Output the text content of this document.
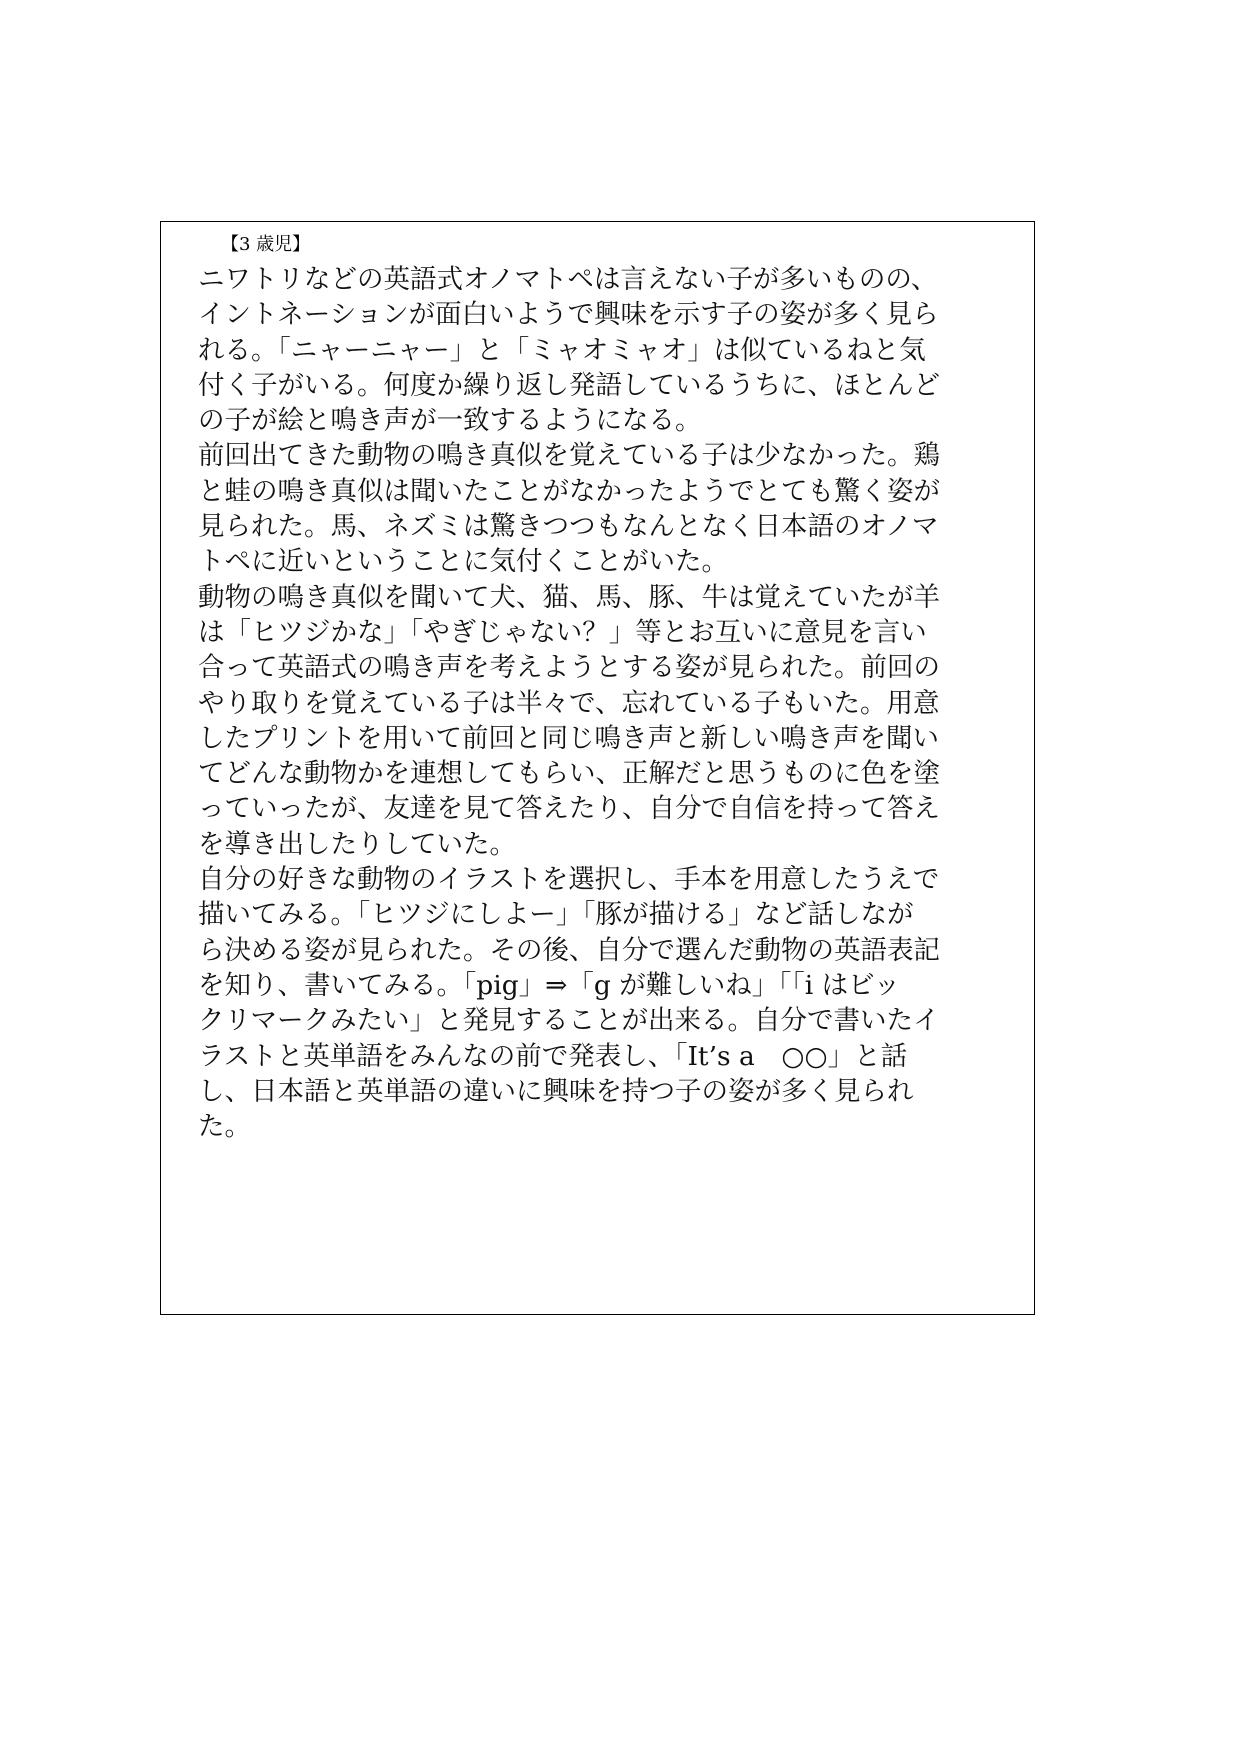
【3 歳児】
ニワトリなどの英語式オノマトペは言えない子が多いものの、
イントネーションが面白いようで興味を示す子の姿が多く見ら
れる。「ニャーニャー」と「ミャオミャオ」は似ているねと気
付く子がいる。何度か繰り返し発語しているうちに、ほとんど
の子が絵と鳴き声が一致するようになる。
前回出てきた動物の鳴き真似を覚えている子は少なかった。鶏
と蛙の鳴き真似は聞いたことがなかったようでとても驚く姿が
見られた。馬、ネズミは驚きつつもなんとなく日本語のオノマ
トペに近いということに気付くことがいた。
動物の鳴き真似を聞いて犬、猫、馬、豚、牛は覚えていたが羊
は「ヒツジかな」「やぎじゃない？」等とお互いに意見を言い
合って英語式の鳴き声を考えようとする姿が見られた。前回の
やり取りを覚えている子は半々で、忘れている子もいた。用意
したプリントを用いて前回と同じ鳴き声と新しい鳴き声を聞い
てどんな動物かを連想してもらい、正解だと思うものに色を塗
っていったが、友達を見て答えたり、自分で自信を持って答え
を導き出したりしていた。
自分の好きな動物のイラストを選択し、手本を用意したうえで
描いてみる。「ヒツジにしよー」「豚が描ける」など話しなが
ら決める姿が見られた。その後、自分で選んだ動物の英語表記
を知り、書いてみる。「pig」⇒「g が難しいね」「「i はビッ
クリマークみたい」と発見することが出来る。自分で書いたイ
ラストと英単語をみんなの前で発表し、「It’s a　○○」と話
し、日本語と英単語の違いに興味を持つ子の姿が多く見られ
た。
